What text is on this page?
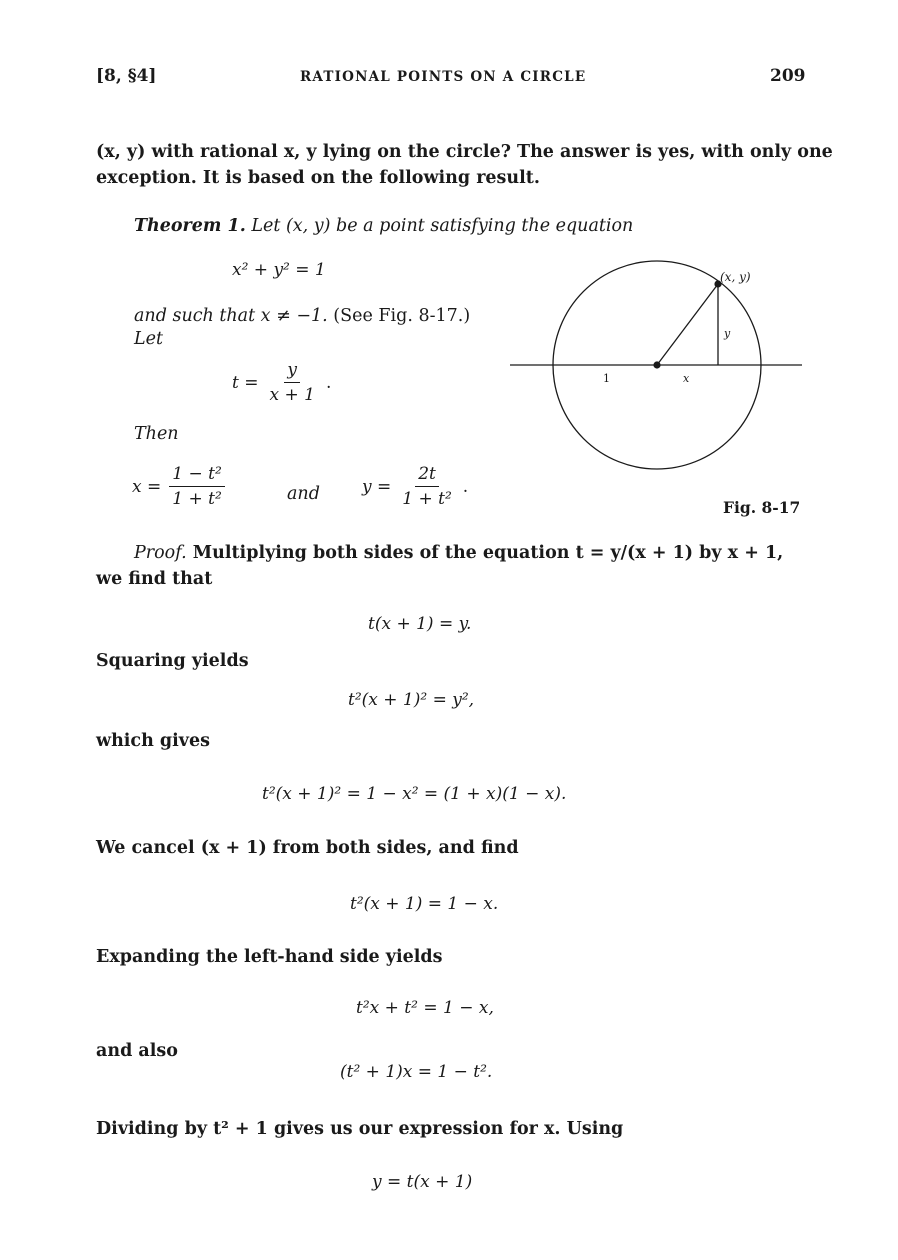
[8, §4]	RATIONAL POINTS ON A CIRCLE	209
(x, y) with rational x, y lying on the circle? The answer is yes, with only one
exception. It is based on the following result.
Theorem 1. Let (x, y) be a point satisfying the equation
x² + y² = 1
and such that x ≠ −1. (See Fig. 8-17.)
Let
$t = \frac{y}{x + 1}$ .
Then
$x = \frac{\text{1 − t²}}{\text{1 + t²}}$	and $y = \frac{2t}{\text{1 + t²}}$ .
(x, y)
y
1	x
Fig. 8-17
Proof. Multiplying both sides of the equation t = y/(x + 1) by x + 1,
we find that
t(x + 1) = y.
Squaring yields
t²(x + 1)² = y²,
which gives
t²(x + 1)² = 1 − x² = (1 + x)(1 − x).
We cancel (x + 1) from both sides, and find
t²(x + 1) = 1 − x.
Expanding the left-hand side yields
t²x + t² = 1 − x,
and also
(t² + 1)x = 1 − t².
Dividing by t² + 1 gives us our expression for x. Using
y = t(x + 1)
